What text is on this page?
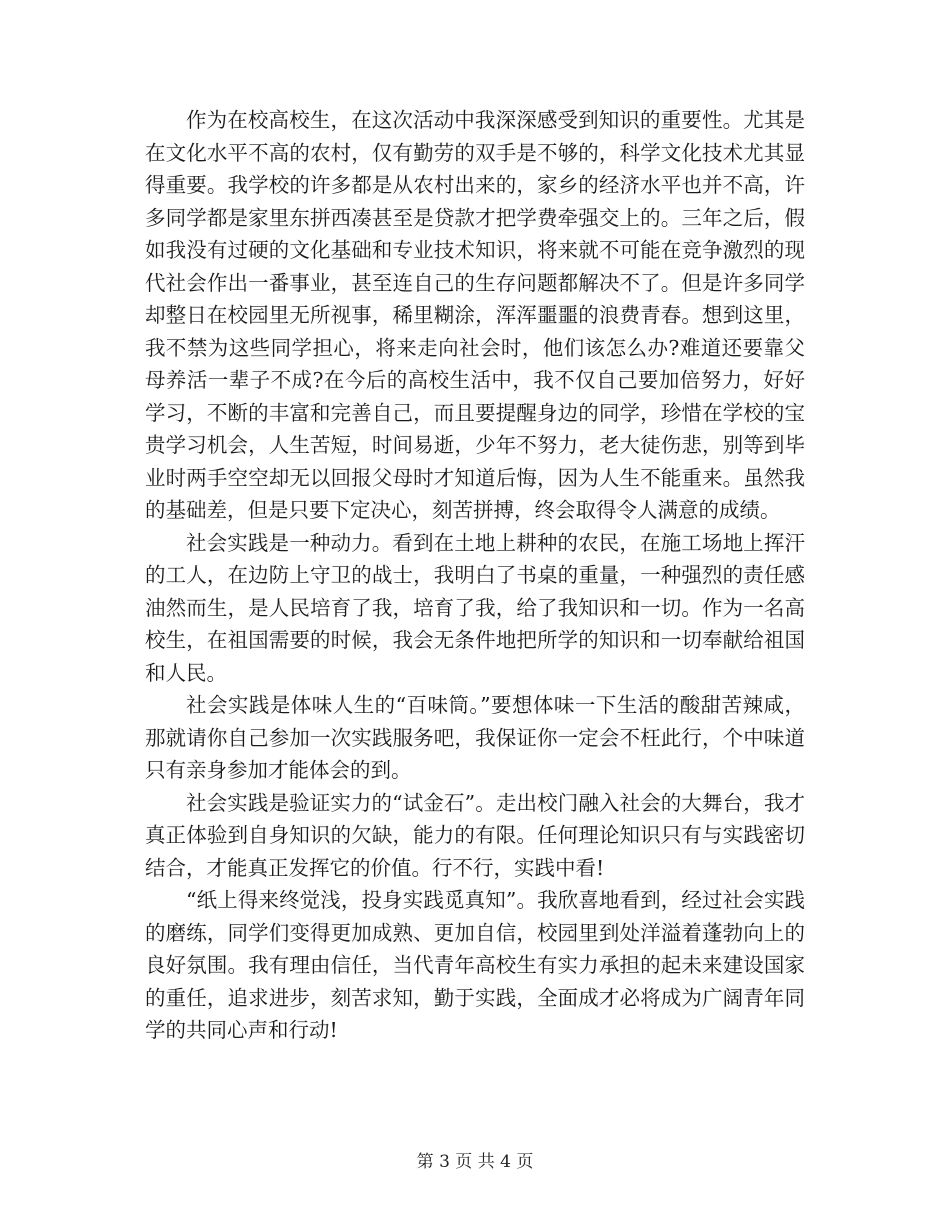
作为在校高校生，在这次活动中我深深感受到知识的重要性。尤其是在文化水平不高的农村，仅有勤劳的双手是不够的，科学文化技术尤其显得重要。我学校的许多都是从农村出来的，家乡的经济水平也并不高，许多同学都是家里东拼西凑甚至是贷款才把学费牵强交上的。三年之后，假如我没有过硬的文化基础和专业技术知识，将来就不可能在竞争激烈的现代社会作出一番事业，甚至连自己的生存问题都解决不了。但是许多同学却整日在校园里无所视事，稀里糊涂，浑浑噩噩的浪费青春。想到这里，我不禁为这些同学担心，将来走向社会时，他们该怎么办?难道还要靠父母养活一辈子不成?在今后的高校生活中，我不仅自己要加倍努力，好好学习，不断的丰富和完善自己，而且要提醒身边的同学，珍惜在学校的宝贵学习机会，人生苦短，时间易逝，少年不努力，老大徒伤悲，别等到毕业时两手空空却无以回报父母时才知道后悔，因为人生不能重来。虽然我的基础差，但是只要下定决心，刻苦拼搏，终会取得令人满意的成绩。

社会实践是一种动力。看到在土地上耕种的农民，在施工场地上挥汗的工人，在边防上守卫的战士，我明白了书桌的重量，一种强烈的责任感油然而生，是人民培育了我，培育了我，给了我知识和一切。作为一名高校生，在祖国需要的时候，我会无条件地把所学的知识和一切奉献给祖国和人民。

社会实践是体味人生的“百味筒。”要想体味一下生活的酸甜苦辣咸，那就请你自己参加一次实践服务吧，我保证你一定会不枉此行，个中味道只有亲身参加才能体会的到。

社会实践是验证实力的“试金石”。走出校门融入社会的大舞台，我才真正体验到自身知识的欠缺，能力的有限。任何理论知识只有与实践密切结合，才能真正发挥它的价值。行不行，实践中看!

“纸上得来终觉浅，投身实践觅真知”。我欣喜地看到，经过社会实践的磨练，同学们变得更加成熟、更加自信，校园里到处洋溢着蓬勃向上的良好氛围。我有理由信任，当代青年高校生有实力承担的起未来建设国家的重任，追求进步，刻苦求知，勤于实践，全面成才必将成为广阔青年同学的共同心声和行动!

第 3 页 共 4 页
